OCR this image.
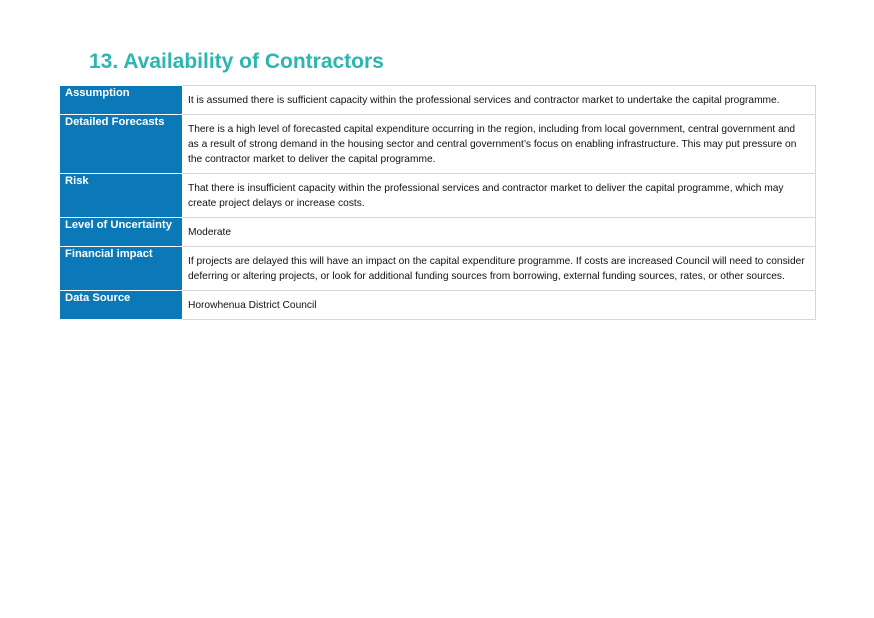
13. Availability of Contractors
Assumption	It is assumed there is sufficient capacity within the professional services and contractor market to undertake the capital programme.
Detailed Forecasts	There is a high level of forecasted capital expenditure occurring in the region, including from local government, central government and as a result of strong demand in the housing sector and central government’s focus on enabling infrastructure. This may put pressure on the contractor market to deliver the capital programme.
Risk	That there is insufficient capacity within the professional services and contractor market to deliver the capital programme, which may create project delays or increase costs.
Level of Uncertainty	Moderate
Financial impact	If projects are delayed this will have an impact on the capital expenditure programme. If costs are increased Council will need to consider deferring or altering projects, or look for additional funding sources from borrowing, external funding sources, rates, or other sources.
Data Source	Horowhenua District Council
